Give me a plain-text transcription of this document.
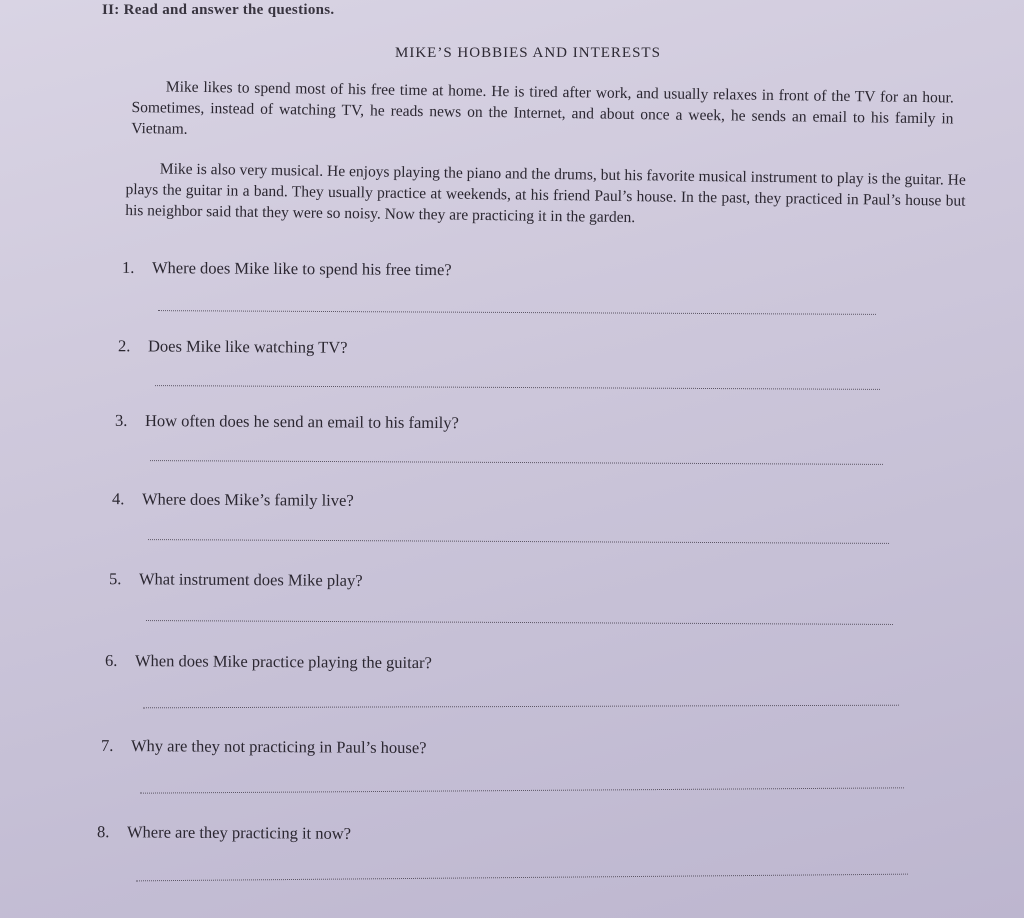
II: Read and answer the questions.
MIKE’S HOBBIES AND INTERESTS
Mike likes to spend most of his free time at home. He is tired after work, and usually relaxes in front of the TV for an hour. Sometimes, instead of watching TV, he reads news on the Internet, and about once a week, he sends an email to his family in Vietnam.
Mike is also very musical. He enjoys playing the piano and the drums, but his favorite musical instrument to play is the guitar. He plays the guitar in a band. They usually practice at weekends, at his friend Paul’s house. In the past, they practiced in Paul’s house but his neighbor said that they were so noisy. Now they are practicing it in the garden.
1. Where does Mike like to spend his free time?
2. Does Mike like watching TV?
3. How often does he send an email to his family?
4. Where does Mike’s family live?
5. What instrument does Mike play?
6. When does Mike practice playing the guitar?
7. Why are they not practicing in Paul’s house?
8. Where are they practicing it now?
